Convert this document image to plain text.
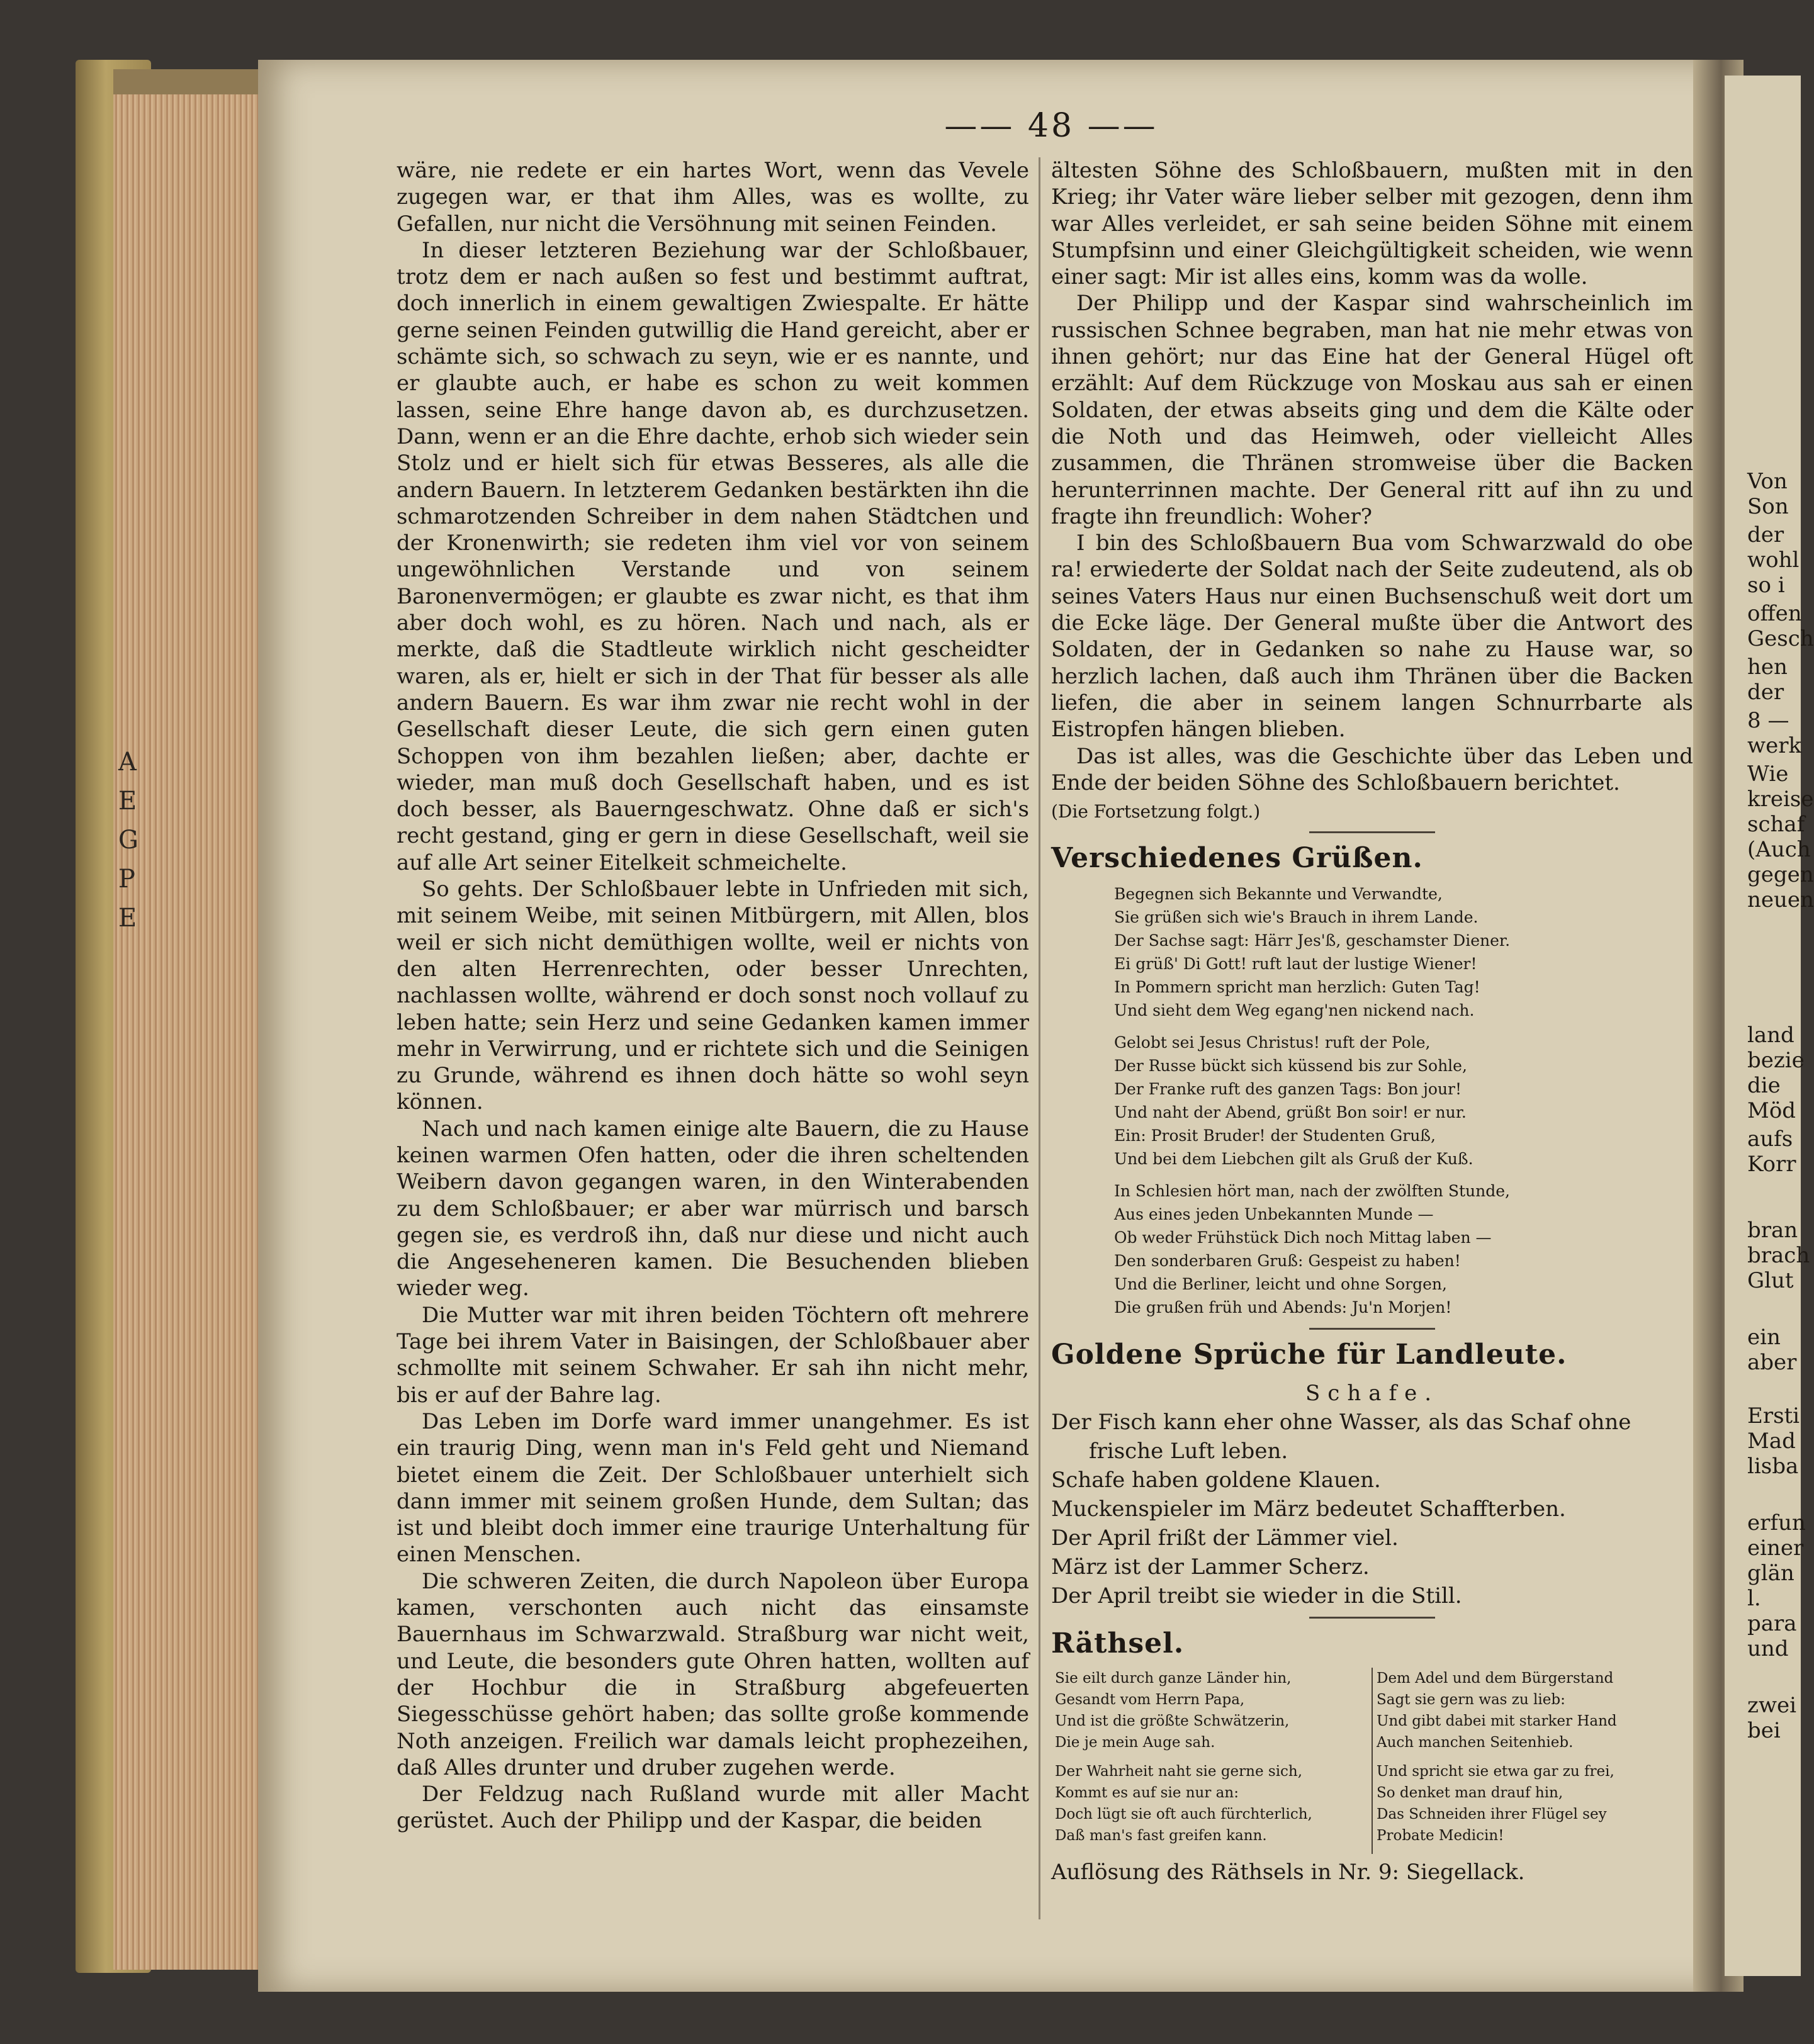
A
E
G
P
E
Von
Son
der
wohl
so i
offen
Gesch
hen
der
8 —
werk
Wie
kreise
schaf
(Auch
gegen
neuen
land
bezie
die
Möd
aufs
Korr
bran
brach
Glut
ein
aber
Ersti
Mad
lisba
erfun
einer
glän
l.
para
und
zwei
bei
—— 48 ——

wäre, nie redete er ein hartes Wort, wenn das Vevele zugegen war, er that ihm Alles, was es wollte, zu Gefallen, nur nicht die Versöhnung mit seinen Feinden.

In dieser letzteren Beziehung war der Schloßbauer, trotz dem er nach außen so fest und bestimmt auftrat, doch innerlich in einem gewaltigen Zwiespalte. Er hätte gerne seinen Feinden gutwillig die Hand gereicht, aber er schämte sich, so schwach zu seyn, wie er es nannte, und er glaubte auch, er habe es schon zu weit kommen lassen, seine Ehre hange davon ab, es durchzusetzen. Dann, wenn er an die Ehre dachte, erhob sich wieder sein Stolz und er hielt sich für etwas Besseres, als alle die andern Bauern. In letzterem Gedanken bestärkten ihn die schmarotzenden Schreiber in dem nahen Städtchen und der Kronenwirth; sie redeten ihm viel vor von seinem ungewöhnlichen Verstande und von seinem Baronenvermögen; er glaubte es zwar nicht, es that ihm aber doch wohl, es zu hören. Nach und nach, als er merkte, daß die Stadtleute wirklich nicht gescheidter waren, als er, hielt er sich in der That für besser als alle andern Bauern. Es war ihm zwar nie recht wohl in der Gesellschaft dieser Leute, die sich gern einen guten Schoppen von ihm bezahlen ließen; aber, dachte er wieder, man muß doch Gesellschaft haben, und es ist doch besser, als Bauerngeschwatz. Ohne daß er sich's recht gestand, ging er gern in diese Gesellschaft, weil sie auf alle Art seiner Eitelkeit schmeichelte.

So gehts. Der Schloßbauer lebte in Unfrieden mit sich, mit seinem Weibe, mit seinen Mitbürgern, mit Allen, blos weil er sich nicht demüthigen wollte, weil er nichts von den alten Herrenrechten, oder besser Unrechten, nachlassen wollte, während er doch sonst noch vollauf zu leben hatte; sein Herz und seine Gedanken kamen immer mehr in Verwirrung, und er richtete sich und die Seinigen zu Grunde, während es ihnen doch hätte so wohl seyn können.

Nach und nach kamen einige alte Bauern, die zu Hause keinen warmen Ofen hatten, oder die ihren scheltenden Weibern davon gegangen waren, in den Winterabenden zu dem Schloßbauer; er aber war mürrisch und barsch gegen sie, es verdroß ihn, daß nur diese und nicht auch die Angeseheneren kamen. Die Besuchenden blieben wieder weg.

Die Mutter war mit ihren beiden Töchtern oft mehrere Tage bei ihrem Vater in Baisingen, der Schloßbauer aber schmollte mit seinem Schwaher. Er sah ihn nicht mehr, bis er auf der Bahre lag.

Das Leben im Dorfe ward immer unangehmer. Es ist ein traurig Ding, wenn man in's Feld geht und Niemand bietet einem die Zeit. Der Schloßbauer unterhielt sich dann immer mit seinem großen Hunde, dem Sultan; das ist und bleibt doch immer eine traurige Unterhaltung für einen Menschen.

Die schweren Zeiten, die durch Napoleon über Europa kamen, verschonten auch nicht das einsamste Bauernhaus im Schwarzwald. Straßburg war nicht weit, und Leute, die besonders gute Ohren hatten, wollten auf der Hochbur die in Straßburg abgefeuerten Siegesschüsse gehört haben; das sollte große kommende Noth anzeigen. Freilich war damals leicht prophezeihen, daß Alles drunter und druber zugehen werde.

Der Feldzug nach Rußland wurde mit aller Macht gerüstet. Auch der Philipp und der Kaspar, die beiden

ältesten Söhne des Schloßbauern, mußten mit in den Krieg; ihr Vater wäre lieber selber mit gezogen, denn ihm war Alles verleidet, er sah seine beiden Söhne mit einem Stumpfsinn und einer Gleichgültigkeit scheiden, wie wenn einer sagt: Mir ist alles eins, komm was da wolle.

Der Philipp und der Kaspar sind wahrscheinlich im russischen Schnee begraben, man hat nie mehr etwas von ihnen gehört; nur das Eine hat der General Hügel oft erzählt: Auf dem Rückzuge von Moskau aus sah er einen Soldaten, der etwas abseits ging und dem die Kälte oder die Noth und das Heimweh, oder vielleicht Alles zusammen, die Thränen stromweise über die Backen herunterrinnen machte. Der General ritt auf ihn zu und fragte ihn freundlich: Woher?

I bin des Schloßbauern Bua vom Schwarzwald do obe ra! erwiederte der Soldat nach der Seite zudeutend, als ob seines Vaters Haus nur einen Buchsenschuß weit dort um die Ecke läge. Der General mußte über die Antwort des Soldaten, der in Gedanken so nahe zu Hause war, so herzlich lachen, daß auch ihm Thränen über die Backen liefen, die aber in seinem langen Schnurrbarte als Eistropfen hängen blieben.

Das ist alles, was die Geschichte über das Leben und Ende der beiden Söhne des Schloßbauern berichtet.

(Die Fortsetzung folgt.)

Verschiedenes Grüßen.

Begegnen sich Bekannte und Verwandte,
Sie grüßen sich wie's Brauch in ihrem Lande.
Der Sachse sagt: Härr Jes'ß, geschamster Diener.
Ei grüß' Di Gott! ruft laut der lustige Wiener!
In Pommern spricht man herzlich: Guten Tag!
Und sieht dem Weg egang'nen nickend nach.
Gelobt sei Jesus Christus! ruft der Pole,
Der Russe bückt sich küssend bis zur Sohle,
Der Franke ruft des ganzen Tags: Bon jour!
Und naht der Abend, grüßt Bon soir! er nur.
Ein: Prosit Bruder! der Studenten Gruß,
Und bei dem Liebchen gilt als Gruß der Kuß.
In Schlesien hört man, nach der zwölften Stunde,
Aus eines jeden Unbekannten Munde —
Ob weder Frühstück Dich noch Mittag laben —
Den sonderbaren Gruß: Gespeist zu haben!
Und die Berliner, leicht und ohne Sorgen,
Die grußen früh und Abends: Ju'n Morjen!

Goldene Sprüche für Landleute.

Schafe.
Der Fisch kann eher ohne Wasser, als das Schaf ohne
frische Luft leben.
Schafe haben goldene Klauen.
Muckenspieler im März bedeutet Schaffterben.
Der April frißt der Lämmer viel.
März ist der Lammer Scherz.
Der April treibt sie wieder in die Still.

Räthsel.

Sie eilt durch ganze Länder hin,
Gesandt vom Herrn Papa,
Und ist die größte Schwätzerin,
Die je mein Auge sah.
Der Wahrheit naht sie gerne sich,
Kommt es auf sie nur an:
Doch lügt sie oft auch fürchterlich,
Daß man's fast greifen kann.
Dem Adel und dem Bürgerstand
Sagt sie gern was zu lieb:
Und gibt dabei mit starker Hand
Auch manchen Seitenhieb.
Und spricht sie etwa gar zu frei,
So denket man drauf hin,
Das Schneiden ihrer Flügel sey
Probate Medicin!

Auflösung des Räthsels in Nr. 9: Siegellack.
